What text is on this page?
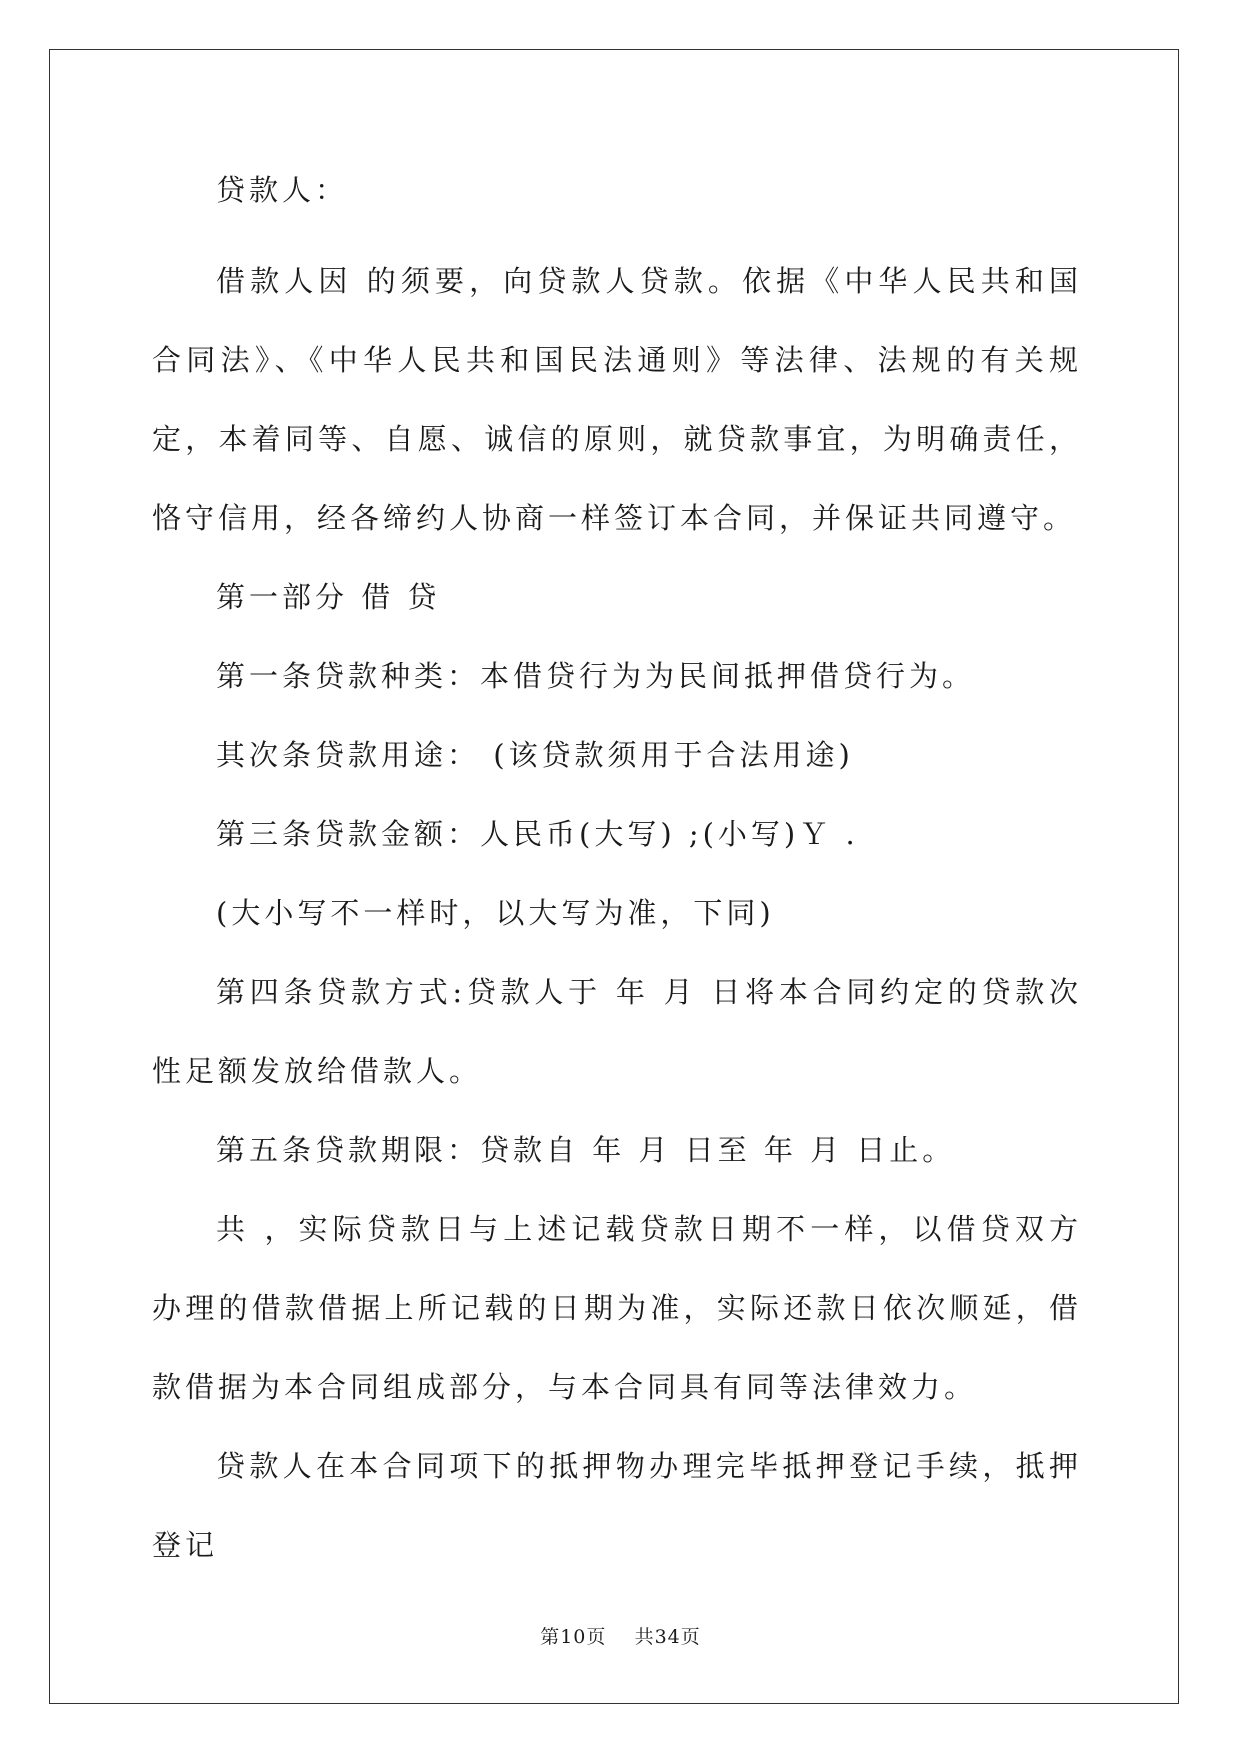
贷款人：

借款人因 的须要，向贷款人贷款。依据《中华人民共和国合同法》、《中华人民共和国民法通则》等法律、法规的有关规定，本着同等、自愿、诚信的原则，就贷款事宜，为明确责任，恪守信用，经各缔约人协商一样签订本合同，并保证共同遵守。

第一部分 借 贷

第一条贷款种类：本借贷行为为民间抵押借贷行为。

其次条贷款用途： (该贷款须用于合法用途)

第三条贷款金额：人民币(大写) ;(小写)Ｙ .

(大小写不一样时，以大写为准，下同)

第四条贷款方式:贷款人于 年 月 日将本合同约定的贷款次性足额发放给借款人。

第五条贷款期限：贷款自 年 月 日至 年 月 日止。

共 ，实际贷款日与上述记载贷款日期不一样，以借贷双方办理的借款借据上所记载的日期为准，实际还款日依次顺延，借款借据为本合同组成部分，与本合同具有同等法律效力。

贷款人在本合同项下的抵押物办理完毕抵押登记手续，抵押登记

第10页 共34页
